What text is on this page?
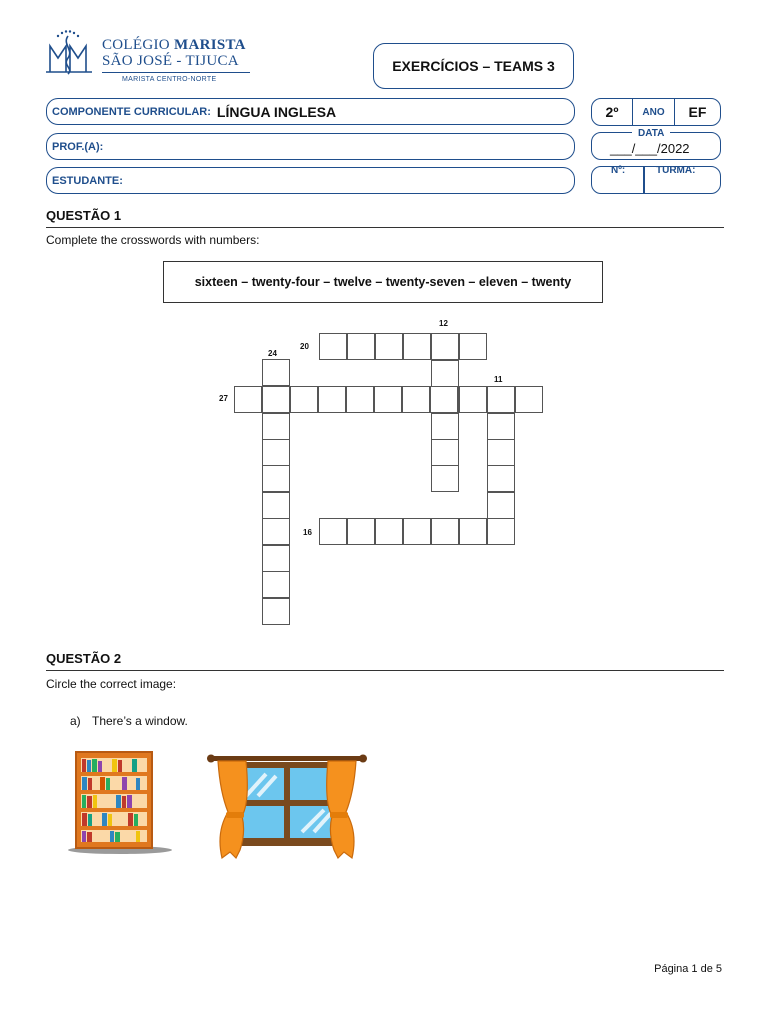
COLÉGIO MARISTA
SÃO JOSÉ - TIJUCA
MARISTA CENTRO-NORTE
EXERCÍCIOS – TEAMS 3
COMPONENTE CURRICULAR: LÍNGUA INGLESA
PROF.(A):
ESTUDANTE:
2º	ANO	EF
DATA
___/___/2022
Nº:	TURMA:
QUESTÃO 1
Complete the crosswords with numbers:
sixteen – twenty-four – twelve – twenty-seven – eleven – twenty
20
12
24
11
27
16
QUESTÃO 2
Circle the correct image:
a) There’s a window.
Página 1 de 5
